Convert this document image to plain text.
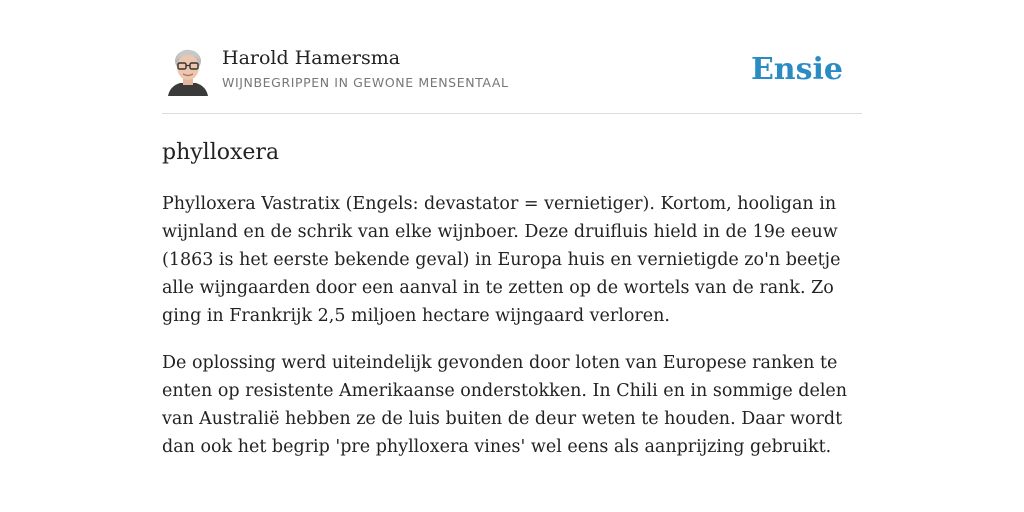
Harold Hamersma
WIJNBEGRIPPEN IN GEWONE MENSENTAAL	Ensie
phylloxera

Phylloxera Vastratix (Engels: devastator = vernietiger). Kortom, hooligan in wijnland en de schrik van elke wijnboer. Deze druifluis hield in de 19e eeuw (1863 is het eerste bekende geval) in Europa huis en vernietigde zo'n beetje alle wijngaarden door een aanval in te zetten op de wortels van de rank. Zo ging in Frankrijk 2,5 miljoen hectare wijngaard verloren.

De oplossing werd uiteindelijk gevonden door loten van Europese ranken te enten op resistente Amerikaanse onderstokken. In Chili en in sommige delen van Australië hebben ze de luis buiten de deur weten te houden. Daar wordt dan ook het begrip 'pre phylloxera vines' wel eens als aanprijzing gebruikt.
